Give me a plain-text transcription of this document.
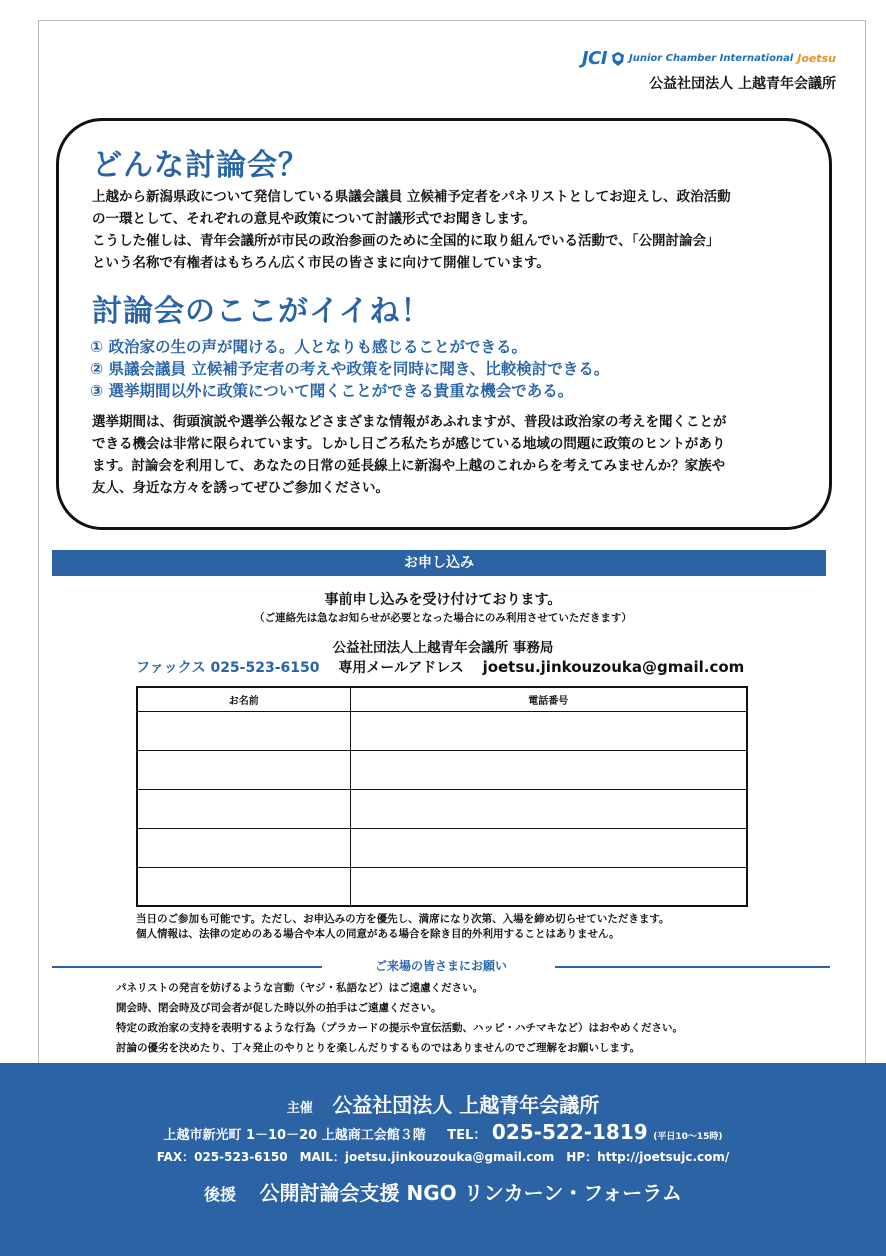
JCI Junior Chamber International Joetsu
公益社団法人 上越青年会議所
どんな討論会？
上越から新潟県政について発信している県議会議員 立候補予定者をパネリストとしてお迎えし、政治活動
の一環として、それぞれの意見や政策について討議形式でお聞きします。
こうした催しは、青年会議所が市民の政治参画のために全国的に取り組んでいる活動で、「公開討論会」
という名称で有権者はもちろん広く市民の皆さまに向けて開催しています。
討論会のここがイイね！
① 政治家の生の声が聞ける。人となりも感じることができる。
② 県議会議員 立候補予定者の考えや政策を同時に聞き、比較検討できる。
③ 選挙期間以外に政策について聞くことができる貴重な機会である。
選挙期間は、街頭演説や選挙公報などさまざまな情報があふれますが、普段は政治家の考えを聞くことが
できる機会は非常に限られています。しかし日ごろ私たちが感じている地域の問題に政策のヒントがあり
ます。討論会を利用して、あなたの日常の延長線上に新潟や上越のこれからを考えてみませんか？家族や
友人、身近な方々を誘ってぜひご参加ください。
お申し込み
事前申し込みを受け付けております。
（ご連絡先は急なお知らせが必要となった場合にのみ利用させていただきます）
公益社団法人上越青年会議所 事務局
ファックス 025-523-6150 専用メールアドレス joetsu.jinkouzouka@gmail.com
お名前	電話番号

当日のご参加も可能です。ただし、お申込みの方を優先し、満席になり次第、入場を締め切らせていただきます。
個人情報は、法律の定めのある場合や本人の同意がある場合を除き目的外利用することはありません。
ご来場の皆さまにお願い
パネリストの発言を妨げるような言動（ヤジ・私語など）はご遠慮ください。
開会時、閉会時及び司会者が促した時以外の拍手はご遠慮ください。
特定の政治家の支持を表明するような行為（プラカードの提示や宣伝活動、ハッピ・ハチマキなど）はおやめください。
討論の優劣を決めたり、丁々発止のやりとりを楽しんだりするものではありませんのでご理解をお願いします。
主催 公益社団法人 上越青年会議所
上越市新光町 1－10－20 上越商工会館３階 TEL： 025-522-1819 (平日10～15時)
FAX：025-523-6150　MAIL：joetsu.jinkouzouka@gmail.com　HP：http://joetsujc.com/
後援 公開討論会支援 NGO リンカーン・フォーラム
